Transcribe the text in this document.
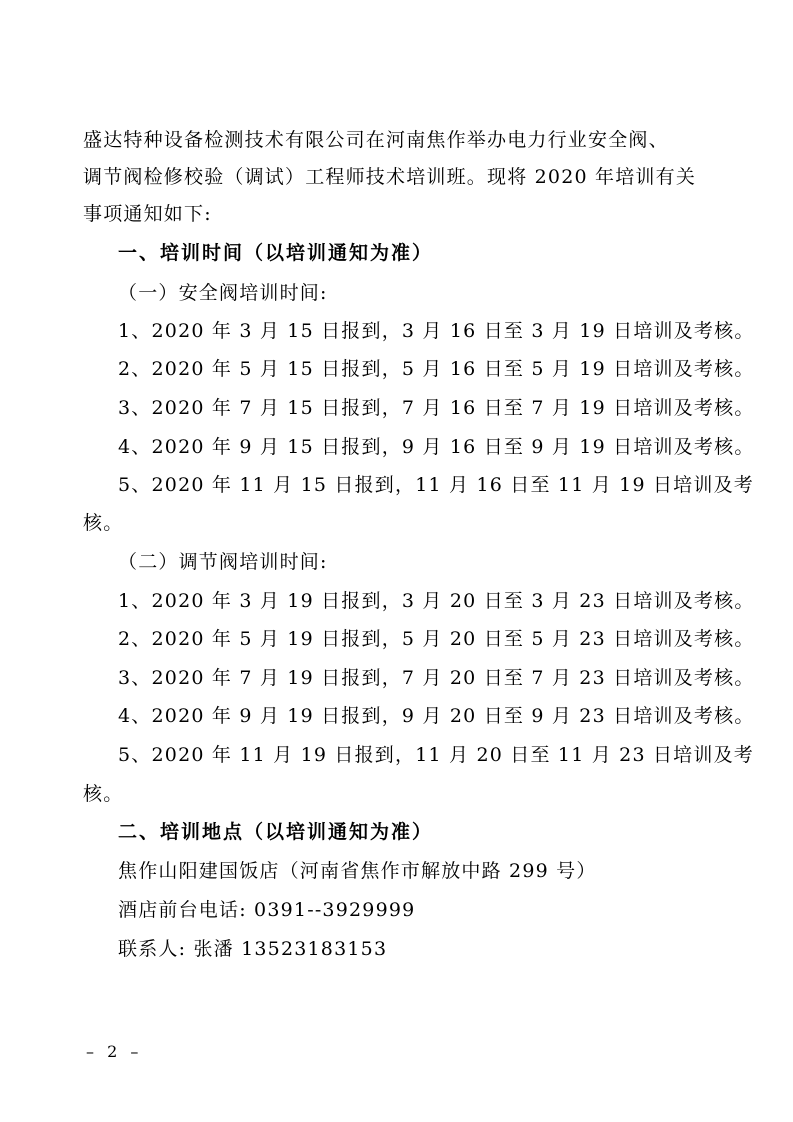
盛达特种设备检测技术有限公司在河南焦作举办电力行业安全阀、
调节阀检修校验（调试）工程师技术培训班。现将 2020 年培训有关
事项通知如下:
一、培训时间（以培训通知为准）
（一）安全阀培训时间:
1、2020 年 3 月 15 日报到，3 月 16 日至 3 月 19 日培训及考核。
2、2020 年 5 月 15 日报到，5 月 16 日至 5 月 19 日培训及考核。
3、2020 年 7 月 15 日报到，7 月 16 日至 7 月 19 日培训及考核。
4、2020 年 9 月 15 日报到，9 月 16 日至 9 月 19 日培训及考核。
5、2020 年 11 月 15 日报到，11 月 16 日至 11 月 19 日培训及考
核。
（二）调节阀培训时间:
1、2020 年 3 月 19 日报到，3 月 20 日至 3 月 23 日培训及考核。
2、2020 年 5 月 19 日报到，5 月 20 日至 5 月 23 日培训及考核。
3、2020 年 7 月 19 日报到，7 月 20 日至 7 月 23 日培训及考核。
4、2020 年 9 月 19 日报到，9 月 20 日至 9 月 23 日培训及考核。
5、2020 年 11 月 19 日报到，11 月 20 日至 11 月 23 日培训及考
核。
二、培训地点（以培训通知为准）
焦作山阳建国饭店（河南省焦作市解放中路 299 号）
酒店前台电话: 0391--3929999
联系人: 张潘 13523183153
– 2 –
